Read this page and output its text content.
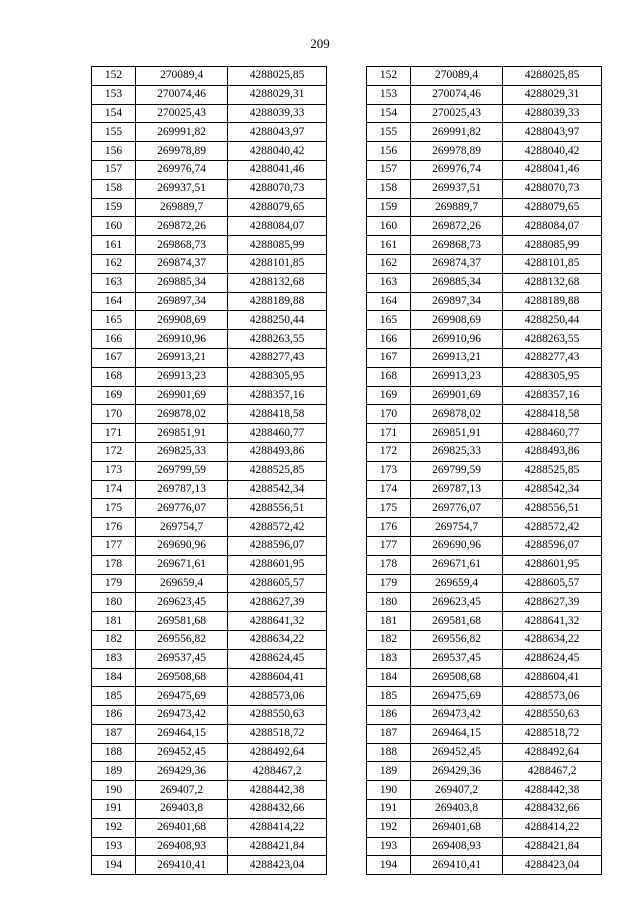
209
152	270089,4	4288025,85
153	270074,46	4288029,31
154	270025,43	4288039,33
155	269991,82	4288043,97
156	269978,89	4288040,42
157	269976,74	4288041,46
158	269937,51	4288070,73
159	269889,7	4288079,65
160	269872,26	4288084,07
161	269868,73	4288085,99
162	269874,37	4288101,85
163	269885,34	4288132,68
164	269897,34	4288189,88
165	269908,69	4288250,44
166	269910,96	4288263,55
167	269913,21	4288277,43
168	269913,23	4288305,95
169	269901,69	4288357,16
170	269878,02	4288418,58
171	269851,91	4288460,77
172	269825,33	4288493,86
173	269799,59	4288525,85
174	269787,13	4288542,34
175	269776,07	4288556,51
176	269754,7	4288572,42
177	269690,96	4288596,07
178	269671,61	4288601,95
179	269659,4	4288605,57
180	269623,45	4288627,39
181	269581,68	4288641,32
182	269556,82	4288634,22
183	269537,45	4288624,45
184	269508,68	4288604,41
185	269475,69	4288573,06
186	269473,42	4288550,63
187	269464,15	4288518,72
188	269452,45	4288492,64
189	269429,36	4288467,2
190	269407,2	4288442,38
191	269403,8	4288432,66
192	269401,68	4288414,22
193	269408,93	4288421,84
194	269410,41	4288423,04
152	270089,4	4288025,85
153	270074,46	4288029,31
154	270025,43	4288039,33
155	269991,82	4288043,97
156	269978,89	4288040,42
157	269976,74	4288041,46
158	269937,51	4288070,73
159	269889,7	4288079,65
160	269872,26	4288084,07
161	269868,73	4288085,99
162	269874,37	4288101,85
163	269885,34	4288132,68
164	269897,34	4288189,88
165	269908,69	4288250,44
166	269910,96	4288263,55
167	269913,21	4288277,43
168	269913,23	4288305,95
169	269901,69	4288357,16
170	269878,02	4288418,58
171	269851,91	4288460,77
172	269825,33	4288493,86
173	269799,59	4288525,85
174	269787,13	4288542,34
175	269776,07	4288556,51
176	269754,7	4288572,42
177	269690,96	4288596,07
178	269671,61	4288601,95
179	269659,4	4288605,57
180	269623,45	4288627,39
181	269581,68	4288641,32
182	269556,82	4288634,22
183	269537,45	4288624,45
184	269508,68	4288604,41
185	269475,69	4288573,06
186	269473,42	4288550,63
187	269464,15	4288518,72
188	269452,45	4288492,64
189	269429,36	4288467,2
190	269407,2	4288442,38
191	269403,8	4288432,66
192	269401,68	4288414,22
193	269408,93	4288421,84
194	269410,41	4288423,04
